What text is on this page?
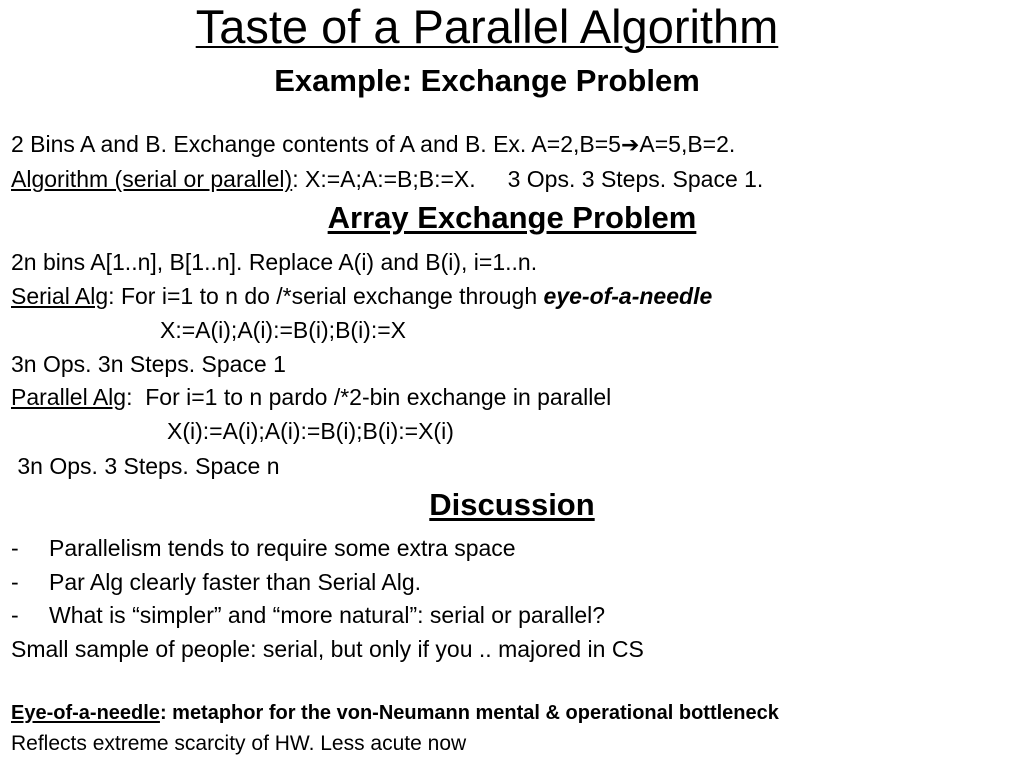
Taste of a Parallel Algorithm
Example: Exchange Problem
2 Bins A and B. Exchange contents of A and B. Ex. A=2,B=5➔A=5,B=2.
Algorithm (serial or parallel): X:=A;A:=B;B:=X.     3 Ops. 3 Steps. Space 1.
Array Exchange Problem
2n bins A[1..n], B[1..n]. Replace A(i) and B(i), i=1..n.
Serial Alg: For i=1 to n do /*serial exchange through eye-of-a-needle
X:=A(i);A(i):=B(i);B(i):=X
3n Ops. 3n Steps. Space 1
Parallel Alg:  For i=1 to n pardo /*2-bin exchange in parallel
X(i):=A(i);A(i):=B(i);B(i):=X(i)
3n Ops. 3 Steps. Space n
Discussion
- Parallelism tends to require some extra space
- Par Alg clearly faster than Serial Alg.
- What is “simpler” and “more natural”: serial or parallel?
Small sample of people: serial, but only if you .. majored in CS
Eye-of-a-needle: metaphor for the von-Neumann mental & operational bottleneck
Reflects extreme scarcity of HW. Less acute now
